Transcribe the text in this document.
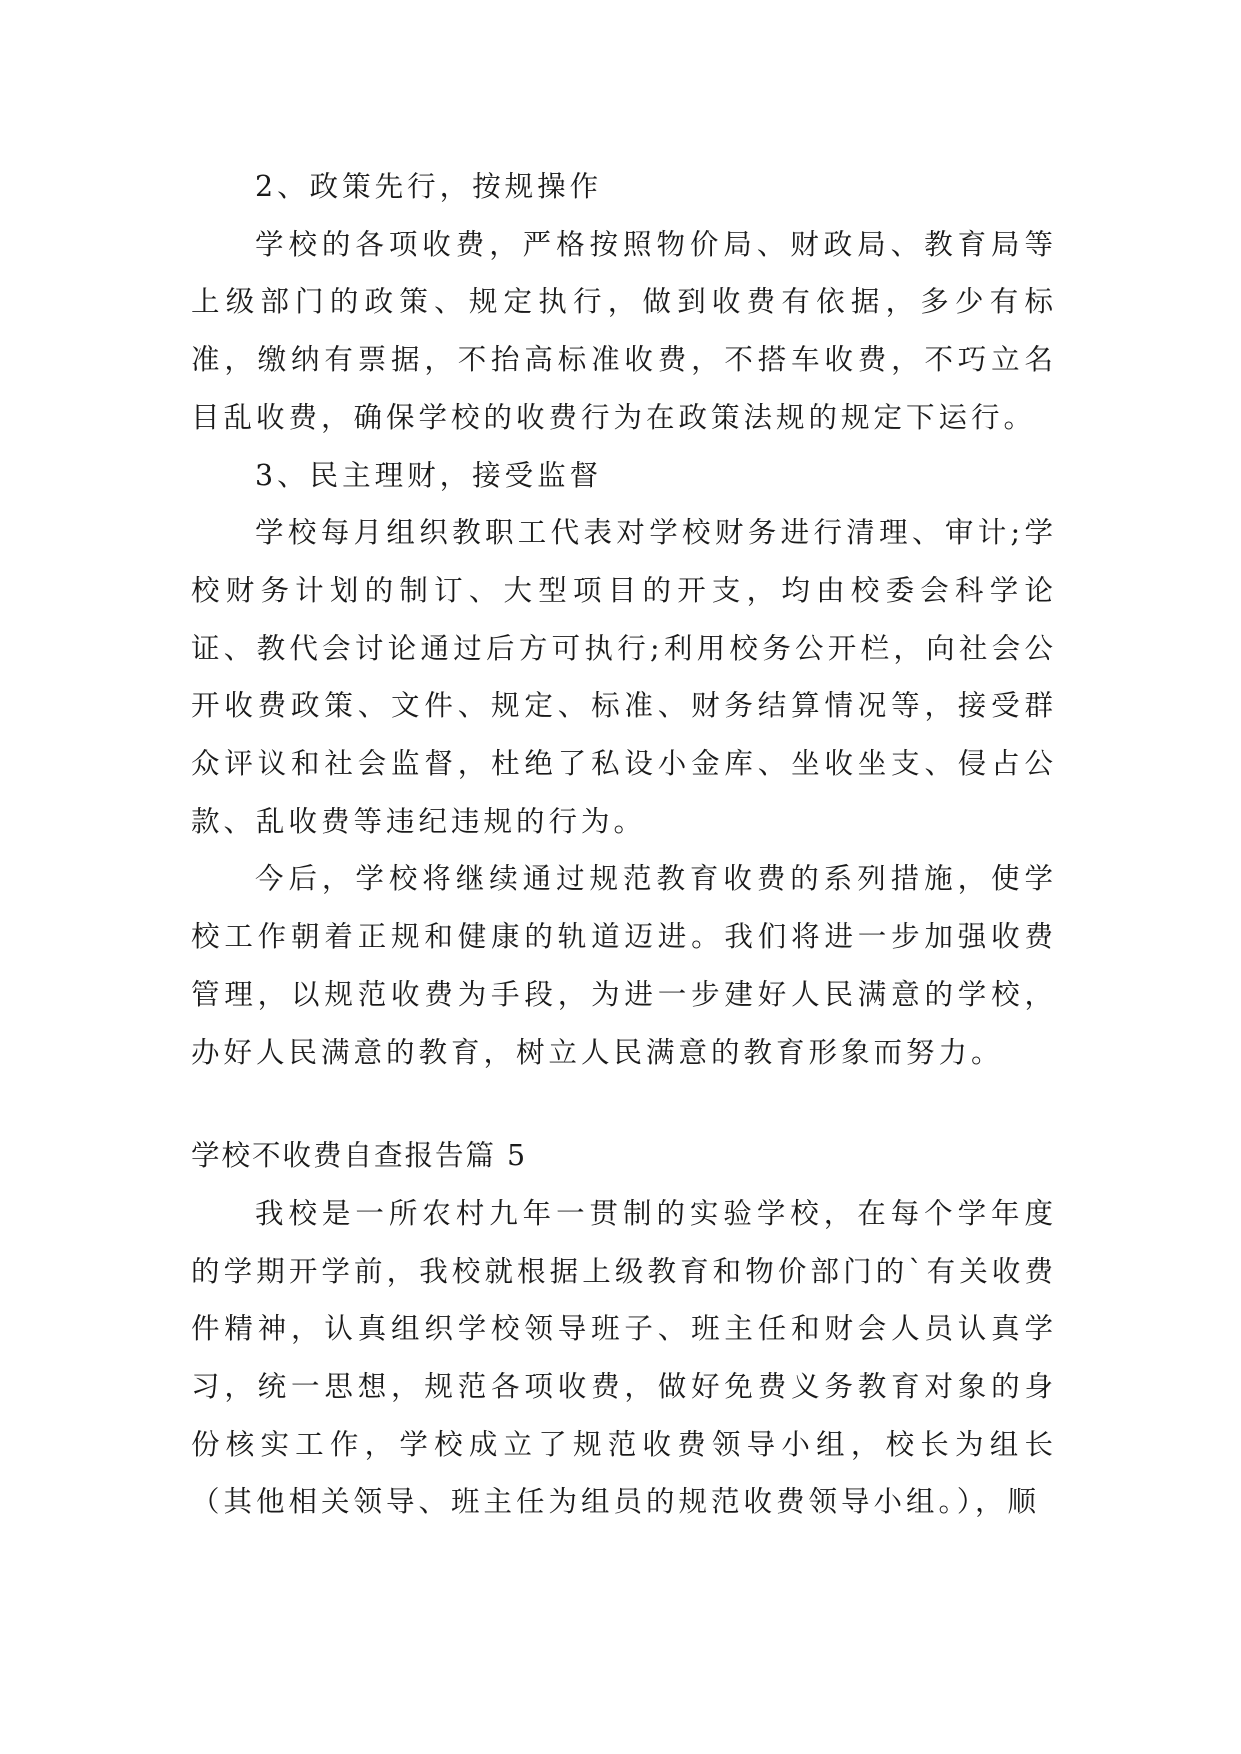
2、政策先行，按规操作

学校的各项收费，严格按照物价局、财政局、教育局等上级部门的政策、规定执行，做到收费有依据，多少有标准，缴纳有票据，不抬高标准收费，不搭车收费，不巧立名目乱收费，确保学校的收费行为在政策法规的规定下运行。

3、民主理财，接受监督

学校每月组织教职工代表对学校财务进行清理、审计;学校财务计划的制订、大型项目的开支，均由校委会科学论证、教代会讨论通过后方可执行;利用校务公开栏，向社会公开收费政策、文件、规定、标准、财务结算情况等，接受群众评议和社会监督，杜绝了私设小金库、坐收坐支、侵占公款、乱收费等违纪违规的行为。

今后，学校将继续通过规范教育收费的系列措施，使学校工作朝着正规和健康的轨道迈进。我们将进一步加强收费管理，以规范收费为手段，为进一步建好人民满意的学校，办好人民满意的教育，树立人民满意的教育形象而努力。

学校不收费自查报告篇 5

我校是一所农村九年一贯制的实验学校，在每个学年度的学期开学前，我校就根据上级教育和物价部门的`有关收费件精神，认真组织学校领导班子、班主任和财会人员认真学习，统一思想，规范各项收费，做好免费义务教育对象的身份核实工作，学校成立了规范收费领导小组，校长为组长（其他相关领导、班主任为组员的规范收费领导小组。），顺
